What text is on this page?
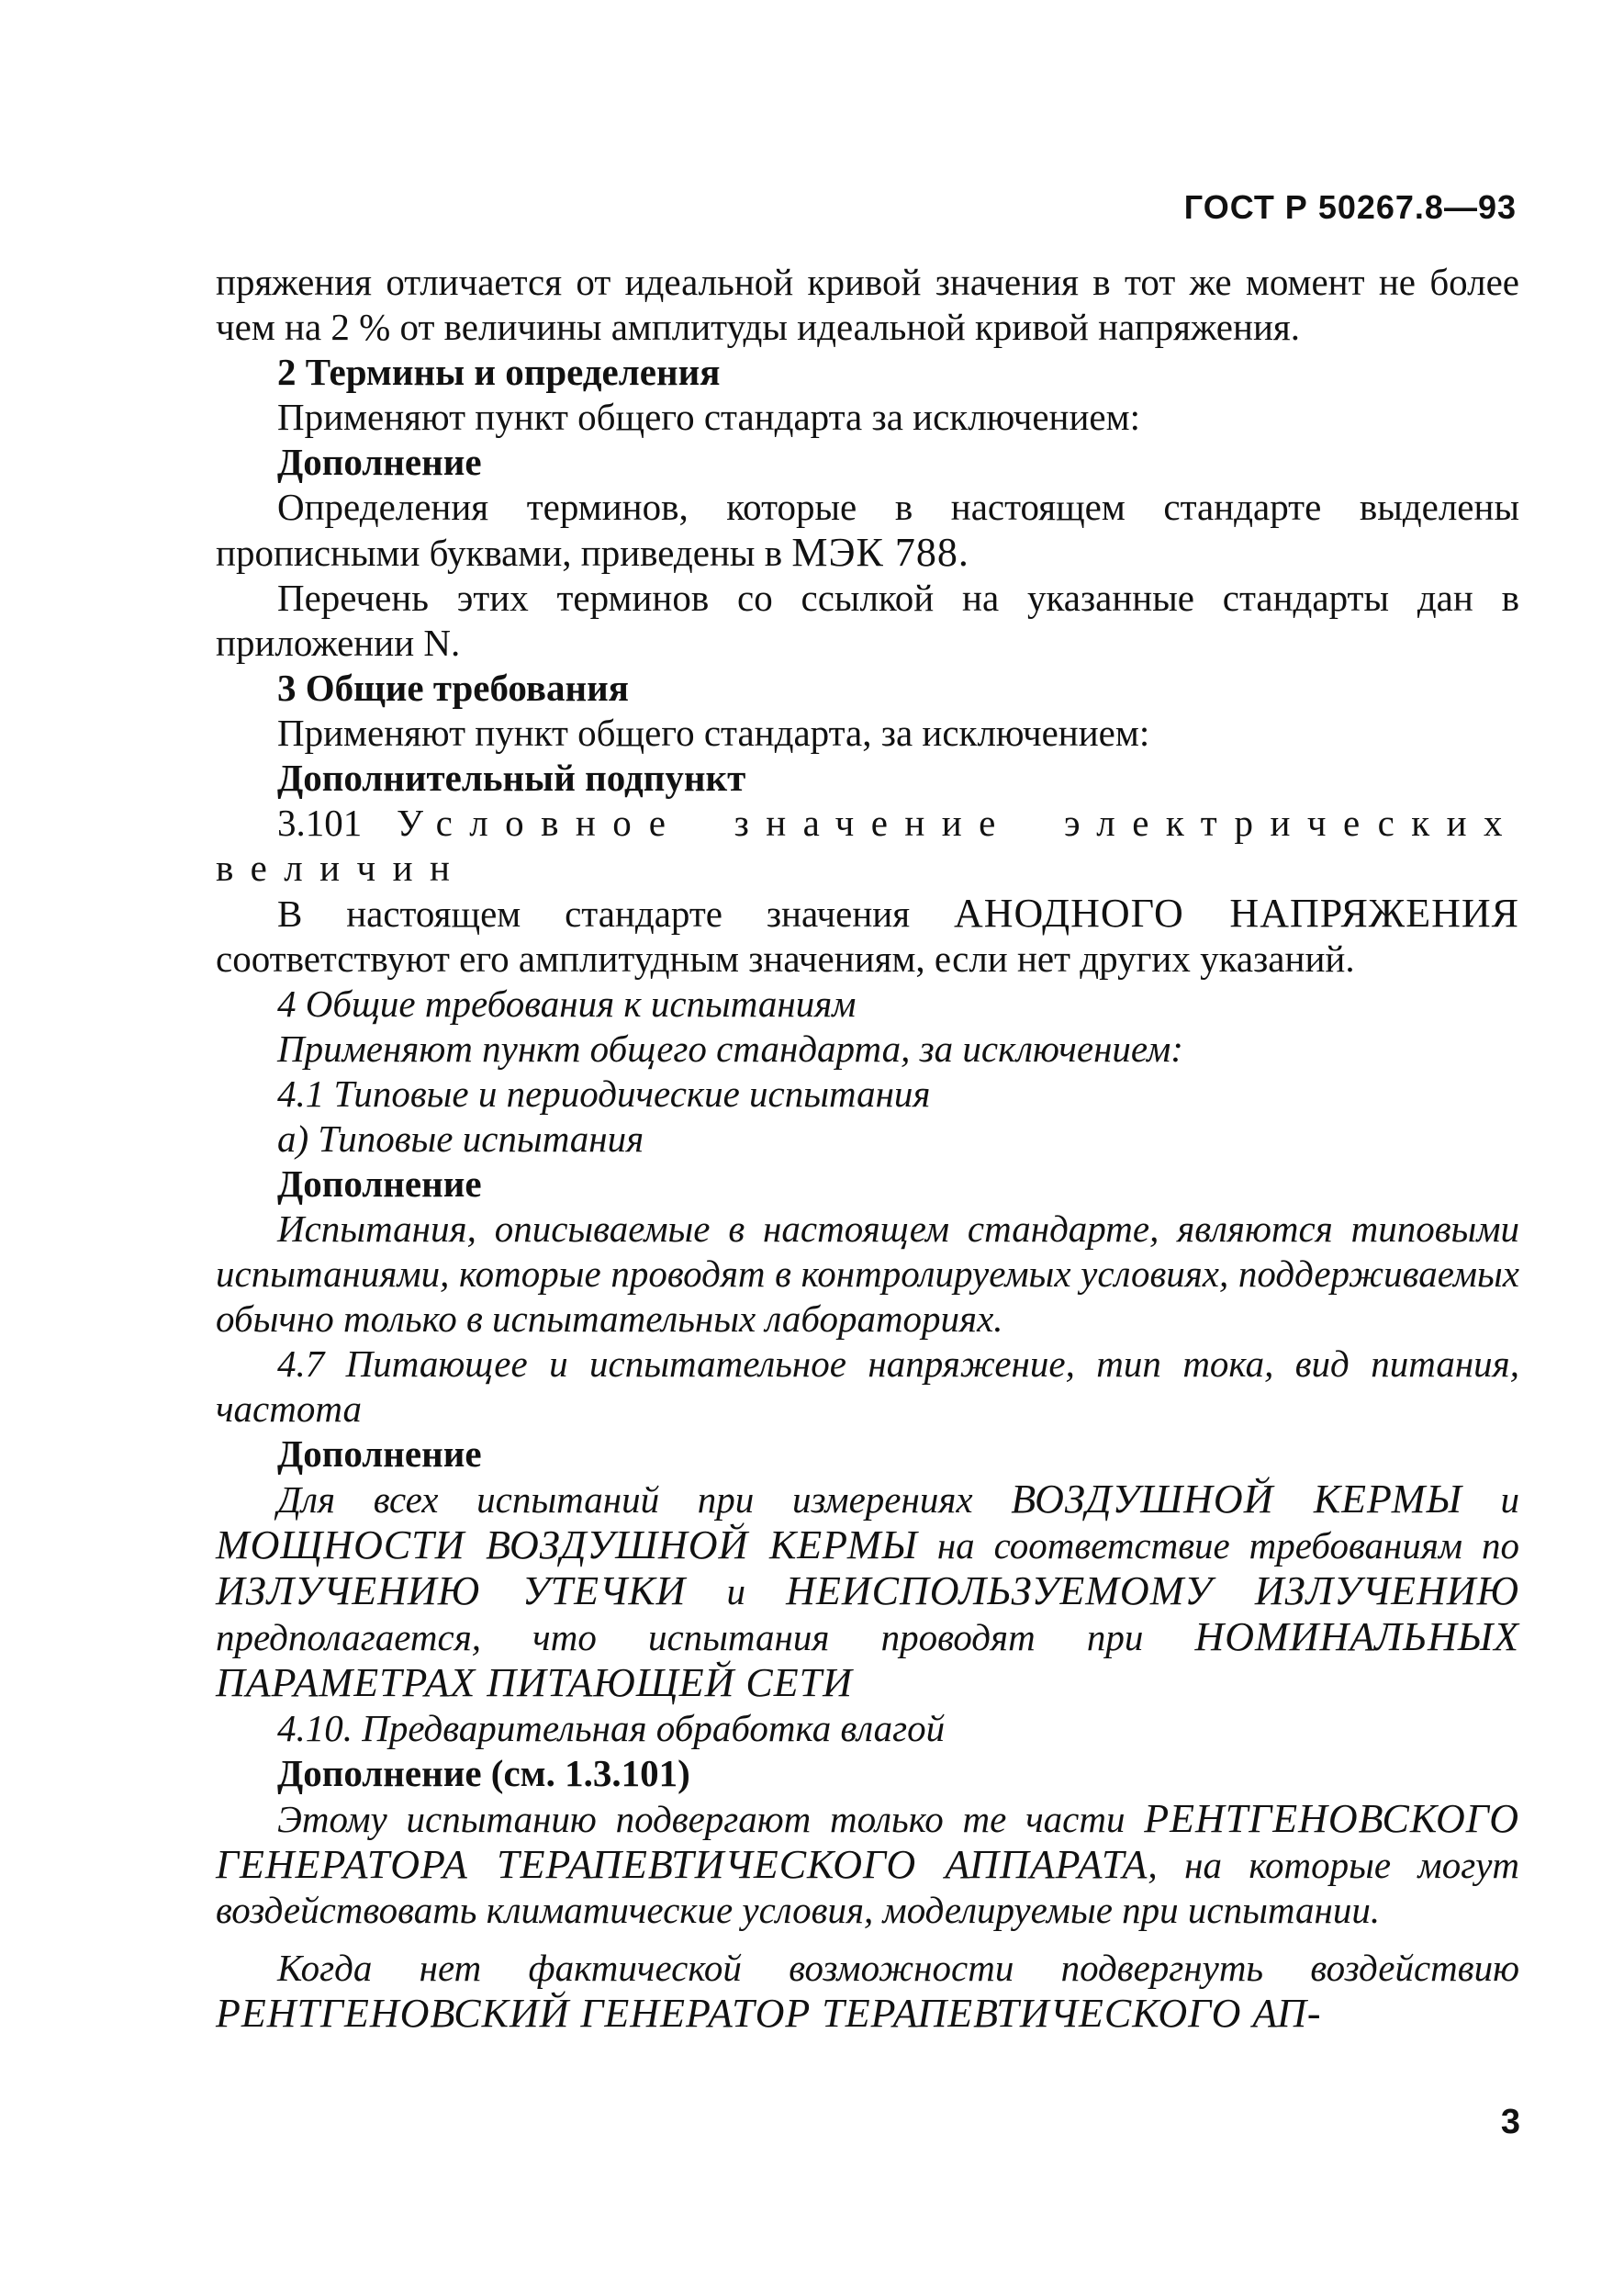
ГОСТ Р 50267.8—93

пряжения отличается от идеальной кривой значения в тот же момент не более чем на 2 % от величины амплитуды идеальной кривой напряжения.

2 Термины и определения

Применяют пункт общего стандарта за исключением:

Дополнение

Определения терминов, которые в настоящем стандарте выделены прописными буквами, приведены в МЭК 788.

Перечень этих терминов со ссылкой на указанные стандарты дан в приложении N.

3 Общие требования

Применяют пункт общего стандарта, за исключением:

Дополнительный подпункт

3.101 Условное значение электрических величин

В настоящем стандарте значения АНОДНОГО НАПРЯЖЕНИЯ соответствуют его амплитудным значениям, если нет других указаний.

4 Общие требования к испытаниям

Применяют пункт общего стандарта, за исключением:

4.1 Типовые и периодические испытания

а) Типовые испытания

Дополнение

Испытания, описываемые в настоящем стандарте, являются типовыми испытаниями, которые проводят в контролируемых условиях, поддерживаемых обычно только в испытательных лабораториях.

4.7 Питающее и испытательное напряжение, тип тока, вид питания, частота

Дополнение

Для всех испытаний при измерениях ВОЗДУШНОЙ КЕРМЫ и МОЩНОСТИ ВОЗДУШНОЙ КЕРМЫ на соответствие требованиям по ИЗЛУЧЕНИЮ УТЕЧКИ и НЕИСПОЛЬЗУЕМОМУ ИЗЛУЧЕНИЮ предполагается, что испытания проводят при НОМИНАЛЬНЫХ ПАРАМЕТРАХ ПИТАЮЩЕЙ СЕТИ

4.10. Предварительная обработка влагой

Дополнение (см. 1.3.101)

Этому испытанию подвергают только те части РЕНТГЕНОВСКОГО ГЕНЕРАТОРА ТЕРАПЕВТИЧЕСКОГО АППАРАТА, на которые могут воздействовать климатические условия, моделируемые при испытании.

Когда нет фактической возможности подвергнуть воздействию РЕНТГЕНОВСКИЙ ГЕНЕРАТОР ТЕРАПЕВТИЧЕСКОГО АП-

3
